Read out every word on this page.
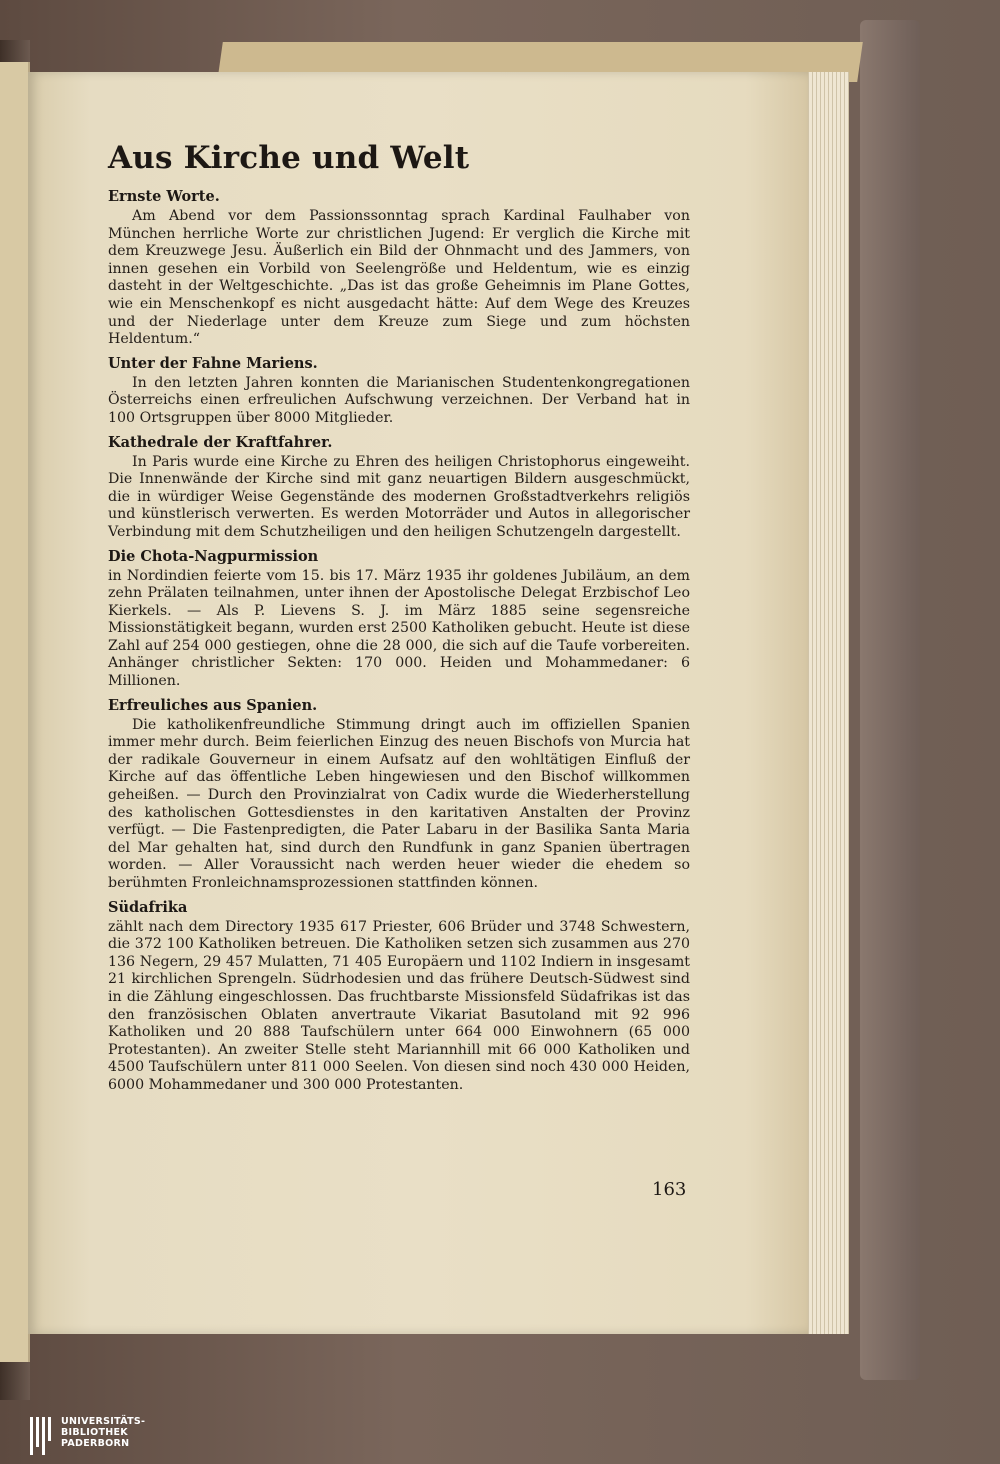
Aus Kirche und Welt
Ernste Worte.

Am Abend vor dem Passionssonntag sprach Kardinal Faulhaber von München herrliche Worte zur christlichen Jugend: Er verglich die Kirche mit dem Kreuzwege Jesu. Äußerlich ein Bild der Ohnmacht und des Jammers, von innen gesehen ein Vorbild von Seelengröße und Heldentum, wie es einzig dasteht in der Weltgeschichte. „Das ist das große Geheimnis im Plane Gottes, wie ein Menschenkopf es nicht ausgedacht hätte: Auf dem Wege des Kreuzes und der Niederlage unter dem Kreuze zum Siege und zum höchsten Heldentum.“

Unter der Fahne Mariens.

In den letzten Jahren konnten die Marianischen Studentenkongregationen Österreichs einen erfreulichen Aufschwung verzeichnen. Der Verband hat in 100 Ortsgruppen über 8000 Mitglieder.

Kathedrale der Kraftfahrer.

In Paris wurde eine Kirche zu Ehren des heiligen Christophorus eingeweiht. Die Innenwände der Kirche sind mit ganz neuartigen Bildern ausgeschmückt, die in würdiger Weise Gegenstände des modernen Großstadtverkehrs religiös und künstlerisch verwerten. Es werden Motorräder und Autos in allegorischer Verbindung mit dem Schutzheiligen und den heiligen Schutzengeln dargestellt.

Die Chota-Nagpurmission

in Nordindien feierte vom 15. bis 17. März 1935 ihr goldenes Jubiläum, an dem zehn Prälaten teilnahmen, unter ihnen der Apostolische Delegat Erzbischof Leo Kierkels. — Als P. Lievens S. J. im März 1885 seine segensreiche Missionstätigkeit begann, wurden erst 2500 Katholiken gebucht. Heute ist diese Zahl auf 254 000 gestiegen, ohne die 28 000, die sich auf die Taufe vorbereiten. Anhänger christlicher Sekten: 170 000. Heiden und Mohammedaner: 6 Millionen.

Erfreuliches aus Spanien.

Die katholikenfreundliche Stimmung dringt auch im offiziellen Spanien immer mehr durch. Beim feierlichen Einzug des neuen Bischofs von Murcia hat der radikale Gouverneur in einem Aufsatz auf den wohltätigen Einfluß der Kirche auf das öffentliche Leben hingewiesen und den Bischof willkommen geheißen. — Durch den Provinzialrat von Cadix wurde die Wiederherstellung des katholischen Gottesdienstes in den karitativen Anstalten der Provinz verfügt. — Die Fastenpredigten, die Pater Labaru in der Basilika Santa Maria del Mar gehalten hat, sind durch den Rundfunk in ganz Spanien übertragen worden. — Aller Voraussicht nach werden heuer wieder die ehedem so berühmten Fronleichnamsprozessionen stattfinden können.

Südafrika

zählt nach dem Directory 1935 617 Priester, 606 Brüder und 3748 Schwestern, die 372 100 Katholiken betreuen. Die Katholiken setzen sich zusammen aus 270 136 Negern, 29 457 Mulatten, 71 405 Europäern und 1102 Indiern in insgesamt 21 kirchlichen Sprengeln. Südrhodesien und das frühere Deutsch-Südwest sind in die Zählung eingeschlossen. Das fruchtbarste Missionsfeld Südafrikas ist das den französischen Oblaten anvertraute Vikariat Basutoland mit 92 996 Katholiken und 20 888 Taufschülern unter 664 000 Einwohnern (65 000 Protestanten). An zweiter Stelle steht Mariannhill mit 66 000 Katholiken und 4500 Taufschülern unter 811 000 Seelen. Von diesen sind noch 430 000 Heiden, 6000 Mohammedaner und 300 000 Protestanten.

163
UNIVERSITÄTS-
BIBLIOTHEK
PADERBORN
